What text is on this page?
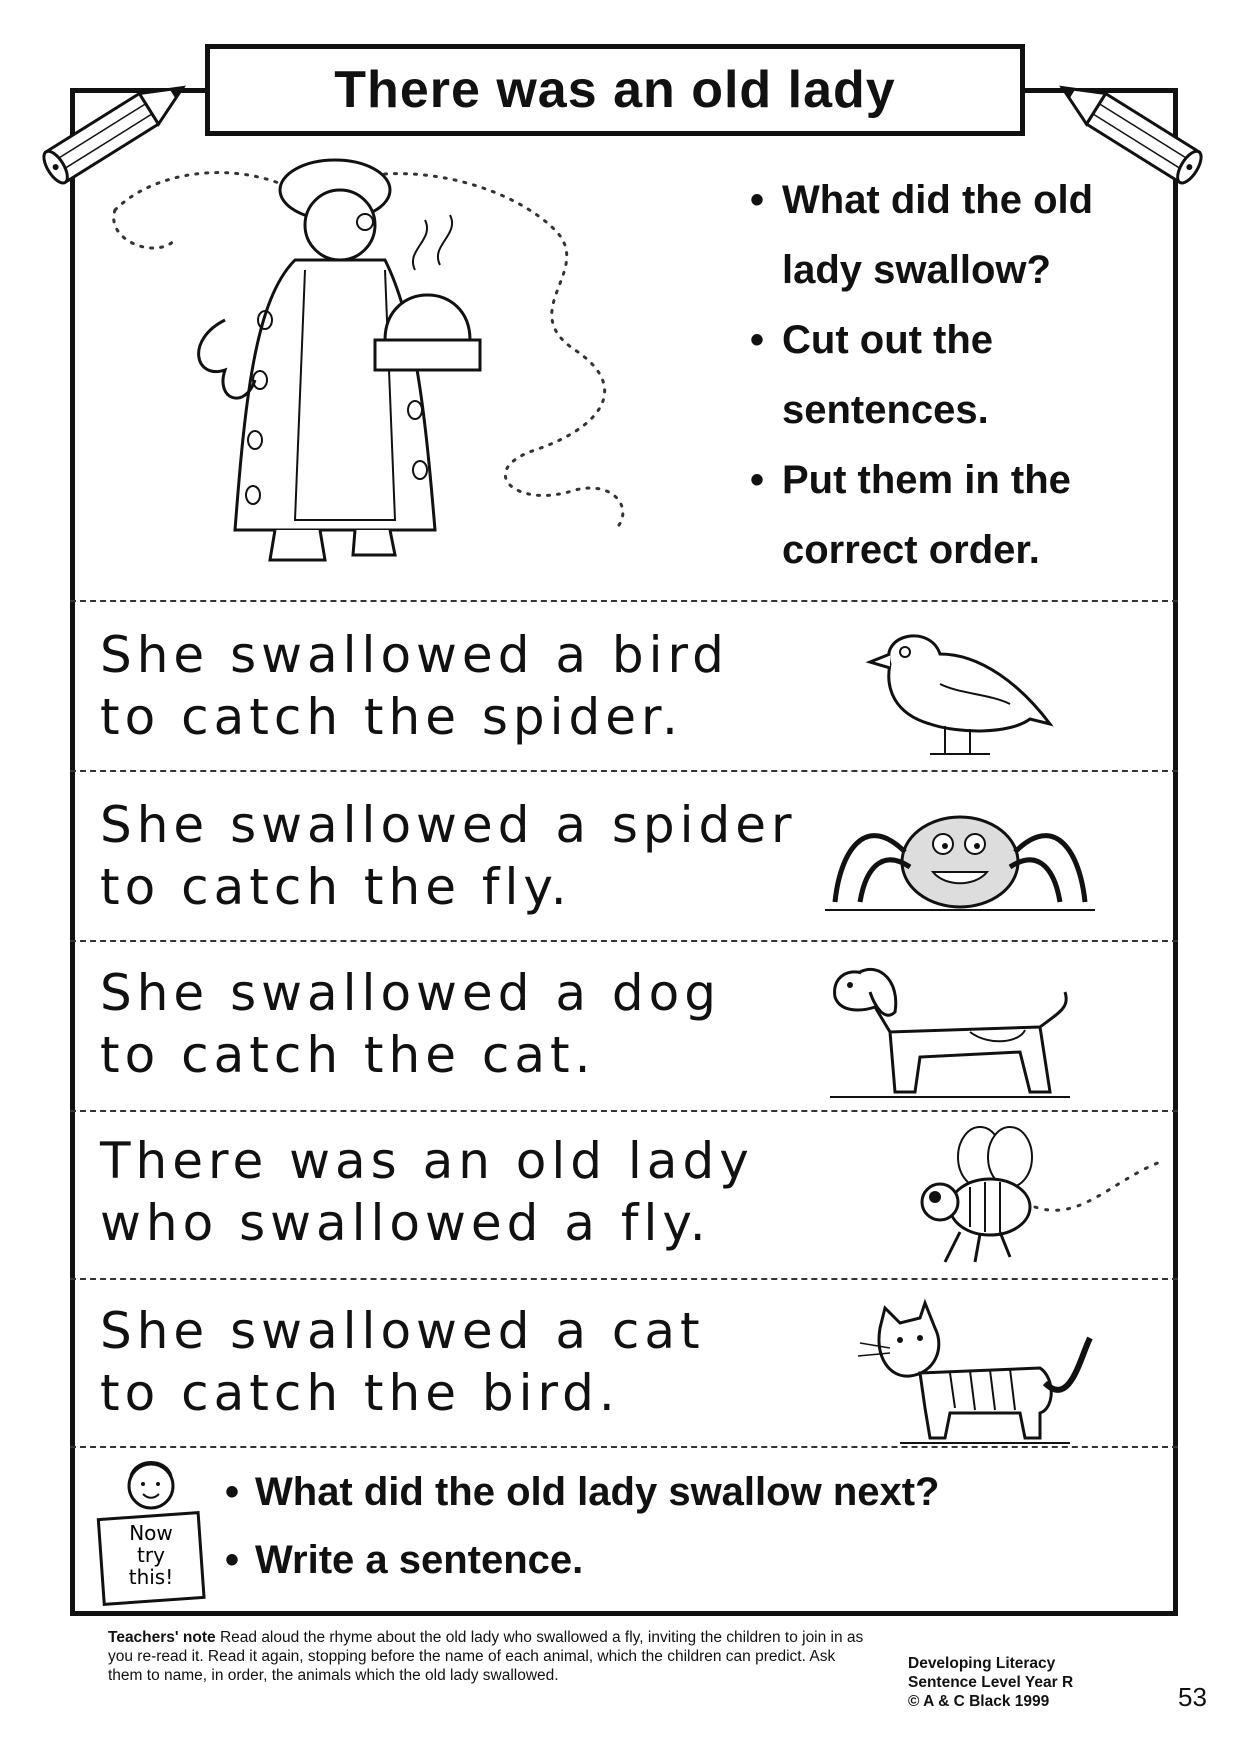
There was an old lady
• What did the old lady swallow?
• Cut out the sentences.
• Put them in the correct order.
She swallowed a bird
to catch the spider.
She swallowed a spider
to catch the fly.
She swallowed a dog
to catch the cat.
There was an old lady
who swallowed a fly.
She swallowed a cat
to catch the bird.
Now
try
this!
• What did the old lady swallow next?
• Write a sentence.
Teachers' note Read aloud the rhyme about the old lady who swallowed a fly, inviting the children to join in as you re-read it. Read it again, stopping before the name of each animal, which the children can predict. Ask them to name, in order, the animals which the old lady swallowed.
Developing Literacy
Sentence Level Year R
© A & C Black 1999	53
